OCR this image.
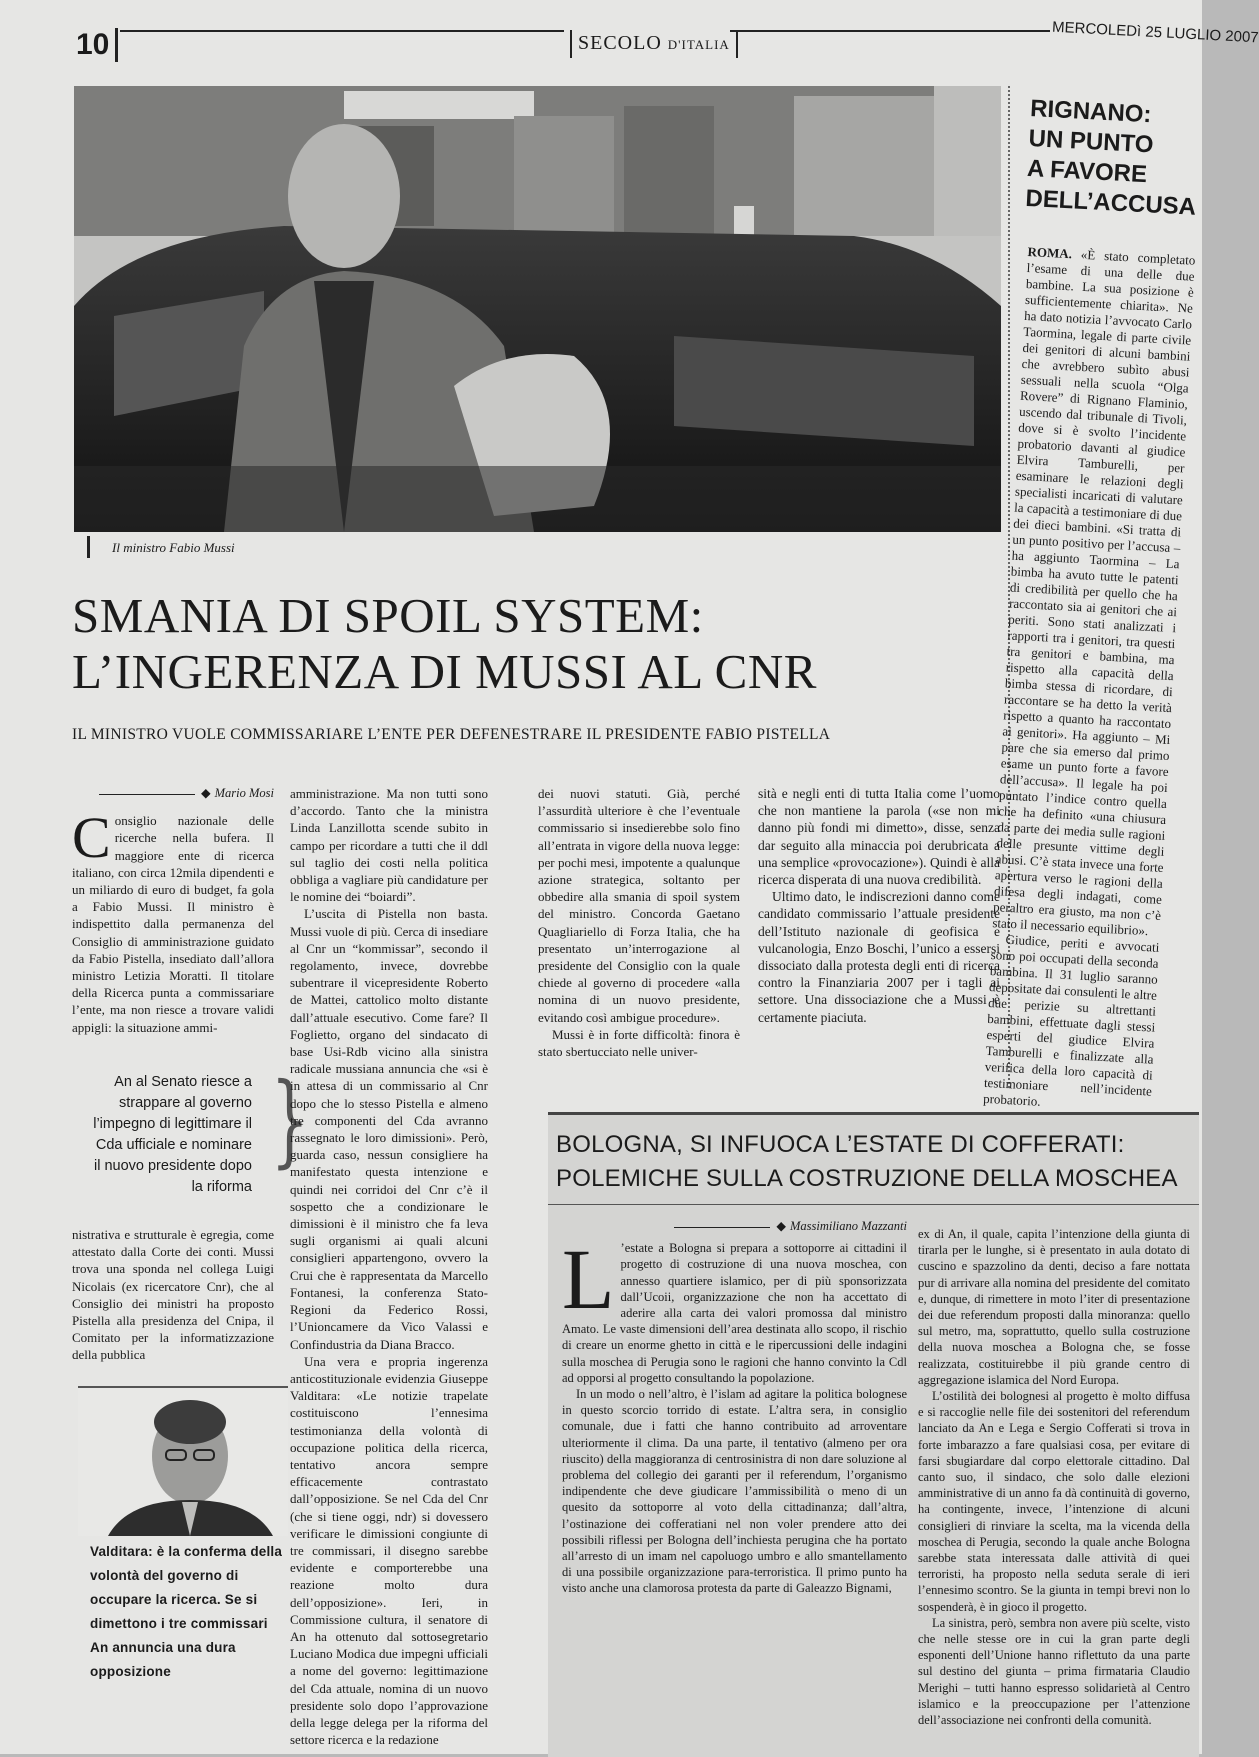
10	SECOLO D'ITALIA	MERCOLEDì 25 LUGLIO 2007
Il ministro Fabio Mussi
SMANIA DI SPOIL SYSTEM:
L’INGERENZA DI MUSSI AL CNR
IL MINISTRO VUOLE COMMISSARIARE L’ENTE PER DEFENESTRARE IL PRESIDENTE FABIO PISTELLA
◆ Mario Mosi

Consiglio nazionale delle ricerche nella bufera. Il maggiore ente di ricerca italiano, con circa 12mila dipendenti e un miliardo di euro di budget, fa gola a Fabio Mussi. Il ministro è indispettito dalla permanenza del Consiglio di amministrazione guidato da Fabio Pistella, insediato dall’allora ministro Letizia Moratti. Il titolare della Ricerca punta a commissariare l’ente, ma non riesce a trovare validi appigli: la situazione ammi-

An al Senato riesce a strappare al governo l’impegno di legittimare il Cda ufficiale e nominare il nuovo presidente dopo la riforma
}

nistrativa e strutturale è egregia, come attestato dalla Corte dei conti. Mussi trova una sponda nel collega Luigi Nicolais (ex ricercatore Cnr), che al Consiglio dei ministri ha proposto Pistella alla presidenza del Cnipa, il Comitato per la informatizzazione della pubblica

amministrazione. Ma non tutti sono d’accordo. Tanto che la ministra Linda Lanzillotta scende subito in campo per ricordare a tutti che il ddl sul taglio dei costi nella politica obbliga a vagliare più candidature per le nomine dei “boiardi”.

L’uscita di Pistella non basta. Mussi vuole di più. Cerca di insediare al Cnr un “kommissar”, secondo il regolamento, invece, dovrebbe subentrare il vicepresidente Roberto de Mattei, cattolico molto distante dall’attuale esecutivo. Come fare? Il Foglietto, organo del sindacato di base Usi-Rdb vicino alla sinistra radicale mussiana annuncia che «si è in attesa di un commissario al Cnr dopo che lo stesso Pistella e almeno tre componenti del Cda avranno rassegnato le loro dimissioni». Però, guarda caso, nessun consigliere ha manifestato questa intenzione e quindi nei corridoi del Cnr c’è il sospetto che a condizionare le dimissioni è il ministro che fa leva sugli organismi ai quali alcuni consiglieri appartengono, ovvero la Crui che è rappresentata da Marcello Fontanesi, la conferenza Stato-Regioni da Federico Rossi, l’Unioncamere da Vico Valassi e Confindustria da Diana Bracco.

Una vera e propria ingerenza anticostituzionale evidenzia Giuseppe Valditara: «Le notizie trapelate costituiscono l’ennesima testimonianza della volontà di occupazione politica della ricerca, tentativo ancora sempre efficacemente contrastato dall’opposizione. Se nel Cda del Cnr (che si tiene oggi, ndr) si dovessero verificare le dimissioni congiunte di tre commissari, il disegno sarebbe evidente e comporterebbe una reazione molto dura dell’opposizione». Ieri, in Commissione cultura, il senatore di An ha ottenuto dal sottosegretario Luciano Modica due impegni ufficiali a nome del governo: legittimazione del Cda attuale, nomina di un nuovo presidente solo dopo l’approvazione della legge delega per la riforma del settore ricerca e la redazione

dei nuovi statuti. Già, perché l’assurdità ulteriore è che l’eventuale commissario si insedierebbe solo fino all’entrata in vigore della nuova legge: per pochi mesi, impotente a qualunque azione strategica, soltanto per obbedire alla smania di spoil system del ministro. Concorda Gaetano Quagliariello di Forza Italia, che ha presentato un’interrogazione al presidente del Consiglio con la quale chiede al governo di procedere «alla nomina di un nuovo presidente, evitando così ambigue procedure».

Mussi è in forte difficoltà: finora è stato sbertucciato nelle univer-

sità e negli enti di tutta Italia come l’uomo che non mantiene la parola («se non mi danno più fondi mi dimetto», disse, senza dar seguito alla minaccia poi derubricata a una semplice «provocazione»). Quindi è alla ricerca disperata di una nuova credibilità.

Ultimo dato, le indiscrezioni danno come candidato commissario l’attuale presidente dell’Istituto nazionale di geofisica e vulcanologia, Enzo Boschi, l’unico a essersi dissociato dalla protesta degli enti di ricerca contro la Finanziaria 2007 per i tagli ai settore. Una dissociazione che a Mussi è certamente piaciuta.

Valditara: è la conferma della volontà del governo di occupare la ricerca. Se si dimettono i tre commissari An annuncia una dura opposizione
RIGNANO:
UN PUNTO
A FAVORE
DELL’ACCUSA
ROMA. «È stato completato l’esame di una delle due bambine. La sua posizione è sufficientemente chiarita». Ne ha dato notizia l’avvocato Carlo Taormina, legale di parte civile dei genitori di alcuni bambini che avrebbero subìto abusi sessuali nella scuola “Olga Rovere” di Rignano Flaminio, uscendo dal tribunale di Tivoli, dove si è svolto l’incidente probatorio davanti al giudice Elvira Tamburelli, per esaminare le relazioni degli specialisti incaricati di valutare la capacità a testimoniare di due dei dieci bambini. «Si tratta di un punto positivo per l’accusa – ha aggiunto Taormina – La bimba ha avuto tutte le patenti di credibilità per quello che ha raccontato sia ai genitori che ai periti. Sono stati analizzati i rapporti tra i genitori, tra questi tra genitori e bambina, ma rispetto alla capacità della bimba stessa di ricordare, di raccontare se ha detto la verità rispetto a quanto ha raccontato ai genitori». Ha aggiunto – Mi pare che sia emerso dal primo esame un punto forte a favore dell’accusa». Il legale ha poi puntato l’indice contro quella che ha definito «una chiusura da parte dei media sulle ragioni delle presunte vittime degli abusi. C’è stata invece una forte apertura verso le ragioni della difesa degli indagati, come peraltro era giusto, ma non c’è stato il necessario equilibrio».
Giudice, periti e avvocati sono poi occupati della seconda bambina. Il 31 luglio saranno depositate dai consulenti le altre due perizie su altrettanti bambini, effettuate dagli stessi esperti del giudice Elvira Tamburelli e finalizzate alla verifica della loro capacità di testimoniare nell’incidente probatorio.
BOLOGNA, SI INFUOCA L’ESTATE DI COFFERATI:
POLEMICHE SULLA COSTRUZIONE DELLA MOSCHEA
◆ Massimiliano Mazzanti

L ’estate a Bologna si prepara a sottoporre ai cittadini il progetto di costruzione di una nuova moschea, con annesso quartiere islamico, per di più sponsorizzata dall’Ucoii, organizzazione che non ha accettato di aderire alla carta dei valori promossa dal ministro Amato. Le vaste dimensioni dell’area destinata allo scopo, il rischio di creare un enorme ghetto in città e le ripercussioni delle indagini sulla moschea di Perugia sono le ragioni che hanno convinto la Cdl ad opporsi al progetto consultando la popolazione.

In un modo o nell’altro, è l’islam ad agitare la politica bolognese in questo scorcio torrido di estate. L’altra sera, in consiglio comunale, due i fatti che hanno contribuito ad arroventare ulteriormente il clima. Da una parte, il tentativo (almeno per ora riuscito) della maggioranza di centrosinistra di non dare soluzione al problema del collegio dei garanti per il referendum, l’organismo indipendente che deve giudicare l’ammissibilità o meno di un quesito da sottoporre al voto della cittadinanza; dall’altra, l’ostinazione dei cofferatiani nel non voler prendere atto dei possibili riflessi per Bologna dell’inchiesta perugina che ha portato all’arresto di un imam nel capoluogo umbro e allo smantellamento di una possibile organizzazione para-terroristica. Il primo punto ha visto anche una clamorosa protesta da parte di Galeazzo Bignami,

ex di An, il quale, capita l’intenzione della giunta di tirarla per le lunghe, si è presentato in aula dotato di cuscino e spazzolino da denti, deciso a fare nottata pur di arrivare alla nomina del presidente del comitato e, dunque, di rimettere in moto l’iter di presentazione dei due referendum proposti dalla minoranza: quello sul metro, ma, soprattutto, quello sulla costruzione della nuova moschea a Bologna che, se fosse realizzata, costituirebbe il più grande centro di aggregazione islamica del Nord Europa.

L’ostilità dei bolognesi al progetto è molto diffusa e si raccoglie nelle file dei sostenitori del referendum lanciato da An e Lega e Sergio Cofferati si trova in forte imbarazzo a fare qualsiasi cosa, per evitare di farsi sbugiardare dal corpo elettorale cittadino. Dal canto suo, il sindaco, che solo dalle elezioni amministrative di un anno fa dà continuità di governo, ha contingente, invece, l’intenzione di alcuni consiglieri di rinviare la scelta, ma la vicenda della moschea di Perugia, secondo la quale anche Bologna sarebbe stata interessata dalle attività di quei terroristi, ha proposto nella seduta serale di ieri l’ennesimo scontro. Se la giunta in tempi brevi non lo sospenderà, è in gioco il progetto.

La sinistra, però, sembra non avere più scelte, visto che nelle stesse ore in cui la gran parte degli esponenti dell’Unione hanno riflettuto da una parte sul destino del giunta – prima firmataria Claudio Merighi – tutti hanno espresso solidarietà al Centro islamico e la preoccupazione per l’attenzione dell’associazione nei confronti della comunità.
